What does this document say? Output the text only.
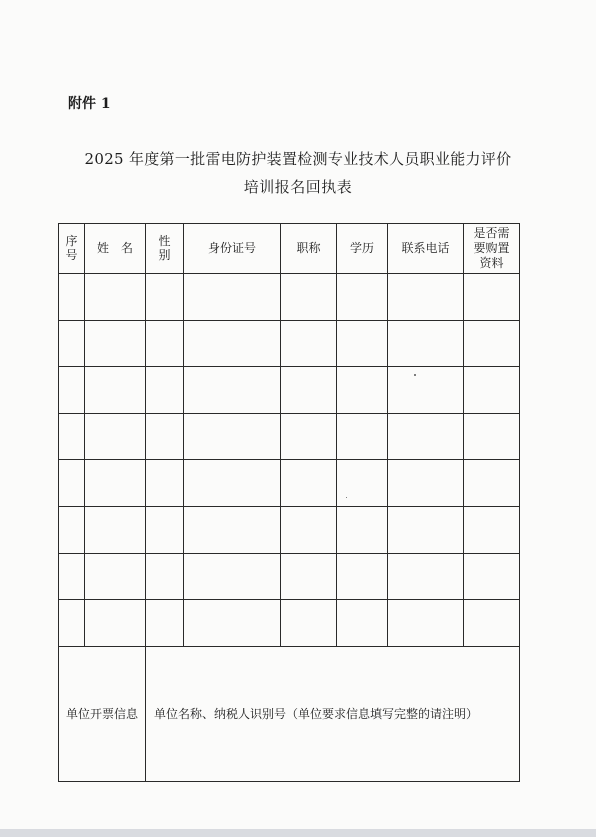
附件 1
2025 年度第一批雷电防护装置检测专业技术人员职业能力评价
培训报名回执表
序号	姓　名	性别	身份证号	职称	学历	联系电话	是否需要购置资料

单位开票信息		单位名称、纳税人识别号（单位要求信息填写完整的请注明）					
